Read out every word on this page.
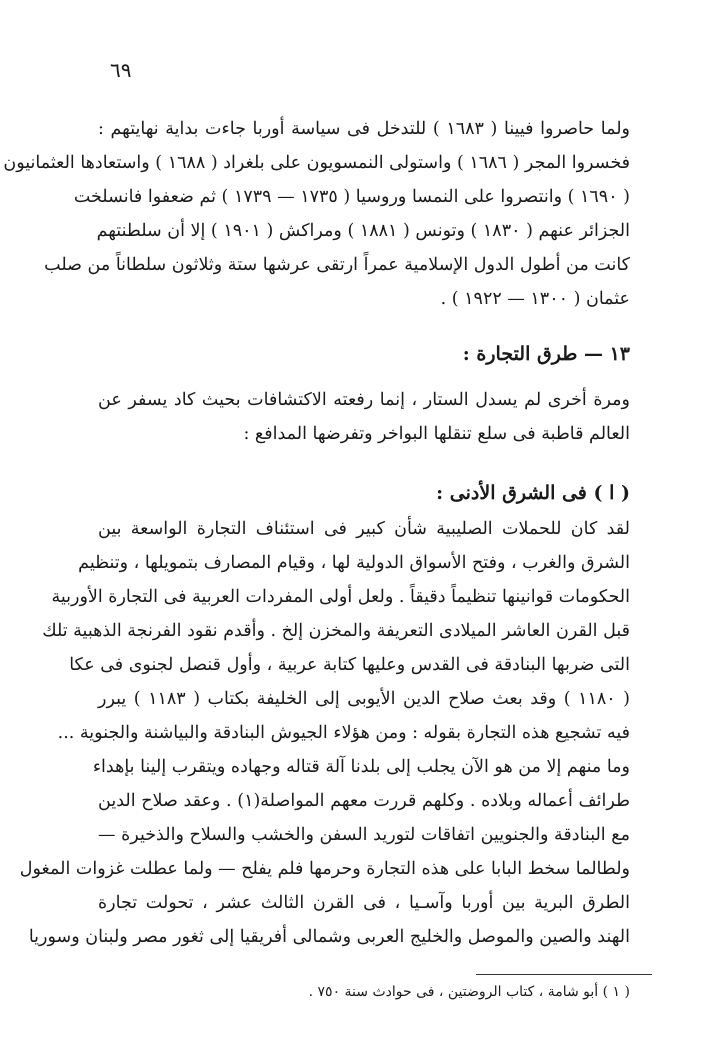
٦٩
ولما حاصروا فيينا ( ١٦٨٣ ) للتدخل فى سياسة أوربا جاءت بداية نهايتهم :
فخسروا المجر ( ١٦٨٦ ) واستولى النمسويون على بلغراد ( ١٦٨٨ ) واستعادها العثمانيون
( ١٦٩٠ ) وانتصروا على النمسا وروسيا ( ١٧٣٥ — ١٧٣٩ ) ثم ضعفوا فانسلخت
الجزائر عنهم ( ١٨٣٠ ) وتونس ( ١٨٨١ ) ومراكش ( ١٩٠١ ) إلا أن سلطنتهم
كانت من أطول الدول الإسلامية عمراً ارتقى عرشها ستة وثلاثون سلطاناً من صلب
عثمان ( ١٣٠٠ — ١٩٢٢ ) .
١٣ — طرق التجارة :
ومرة أخرى لم يسدل الستار ، إنما رفعته الاكتشافات بحيث كاد يسفر عن
العالم قاطبة فى سلع تنقلها البواخر وتفرضها المدافع :
( ا ) فى الشرق الأدنى :
لقد كان للحملات الصليبية شأن كبير فى استئناف التجارة الواسعة بين
الشرق والغرب ، وفتح الأسواق الدولية لها ، وقيام المصارف بتمويلها ، وتنظيم
الحكومات قوانينها تنظيماً دقيقاً . ولعل أولى المفردات العربية فى التجارة الأوربية
قبل القرن العاشر الميلادى التعريفة والمخزن إلخ . وأقدم نقود الفرنجة الذهبية تلك
التى ضربها البنادقة فى القدس وعليها كتابة عربية ، وأول قنصل لجنوى فى عكا
( ١١٨٠ ) وقد بعث صلاح الدين الأيوبى إلى الخليفة بكتاب ( ١١٨٣ ) يبرر
فيه تشجيع هذه التجارة بقوله : ومن هؤلاء الجيوش البنادقة والبياشنة والجنوية ...
وما منهم إلا من هو الآن يجلب إلى بلدنا آلة قتاله وجهاده ويتقرب إلينا بإهداء
طرائف أعماله وبلاده . وكلهم قررت معهم المواصلة(١) . وعقد صلاح الدين
مع البنادقة والجنويين اتفاقات لتوريد السفن والخشب والسلاح والذخيرة —
ولطالما سخط البابا على هذه التجارة وحرمها فلم يفلح — ولما عطلت غزوات المغول
الطرق البرية بين أوربا وآسـيا ، فى القرن الثالث عشر ، تحولت تجارة
الهند والصين والموصل والخليج العربى وشمالى أفريقيا إلى ثغور مصر ولبنان وسوريا
( ١ ) أبو شامة ، كتاب الروضتين ، فى حوادث سنة ٧٥٠ .
